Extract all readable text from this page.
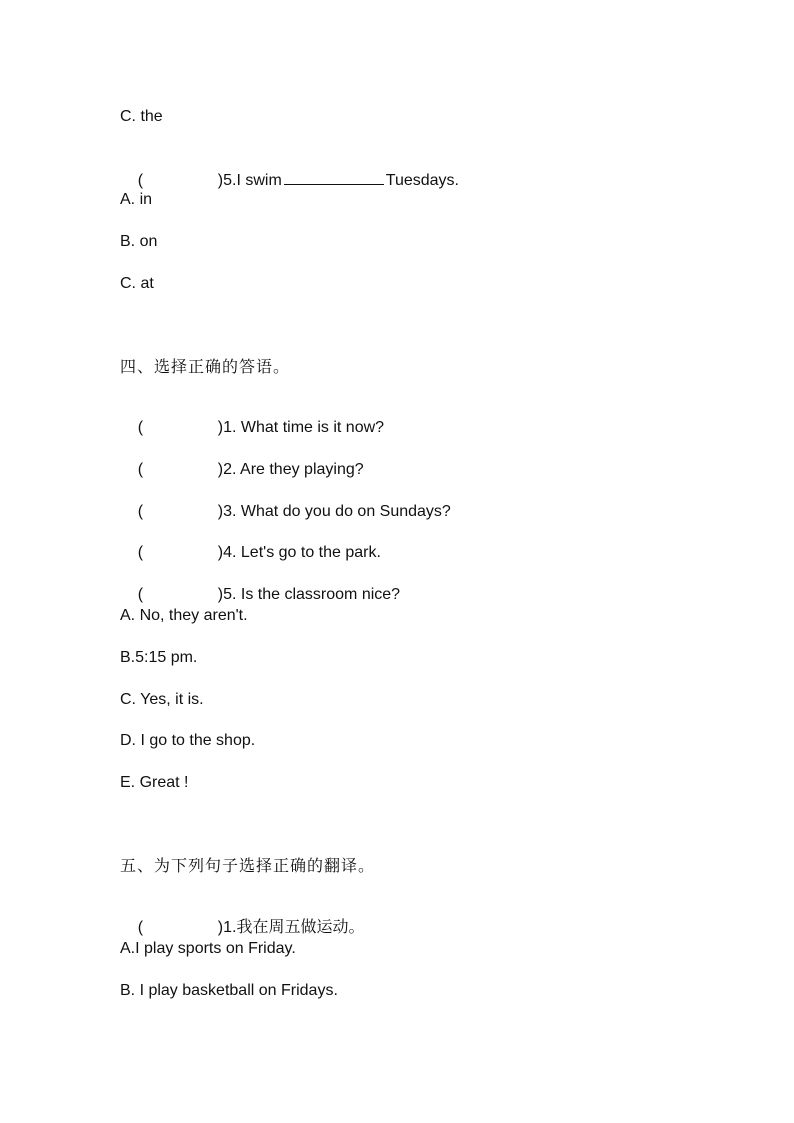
C. the

(	)5.I swim	Tuesdays.

A. in
B. on
C. at
四、选择正确的答语。

(	)1. What time is it now?

(	)2. Are they playing?

(	)3. What do you do on Sundays?

(	)4. Let's go to the park.

(	)5. Is the classroom nice?

A. No, they aren't.
B.5:15 pm.
C. Yes, it is.
D. I go to the shop.
E. Great !
五、为下列句子选择正确的翻译。

(	)1.我在周五做运动。

A.I play sports on Friday.
B. I play basketball on Fridays.
